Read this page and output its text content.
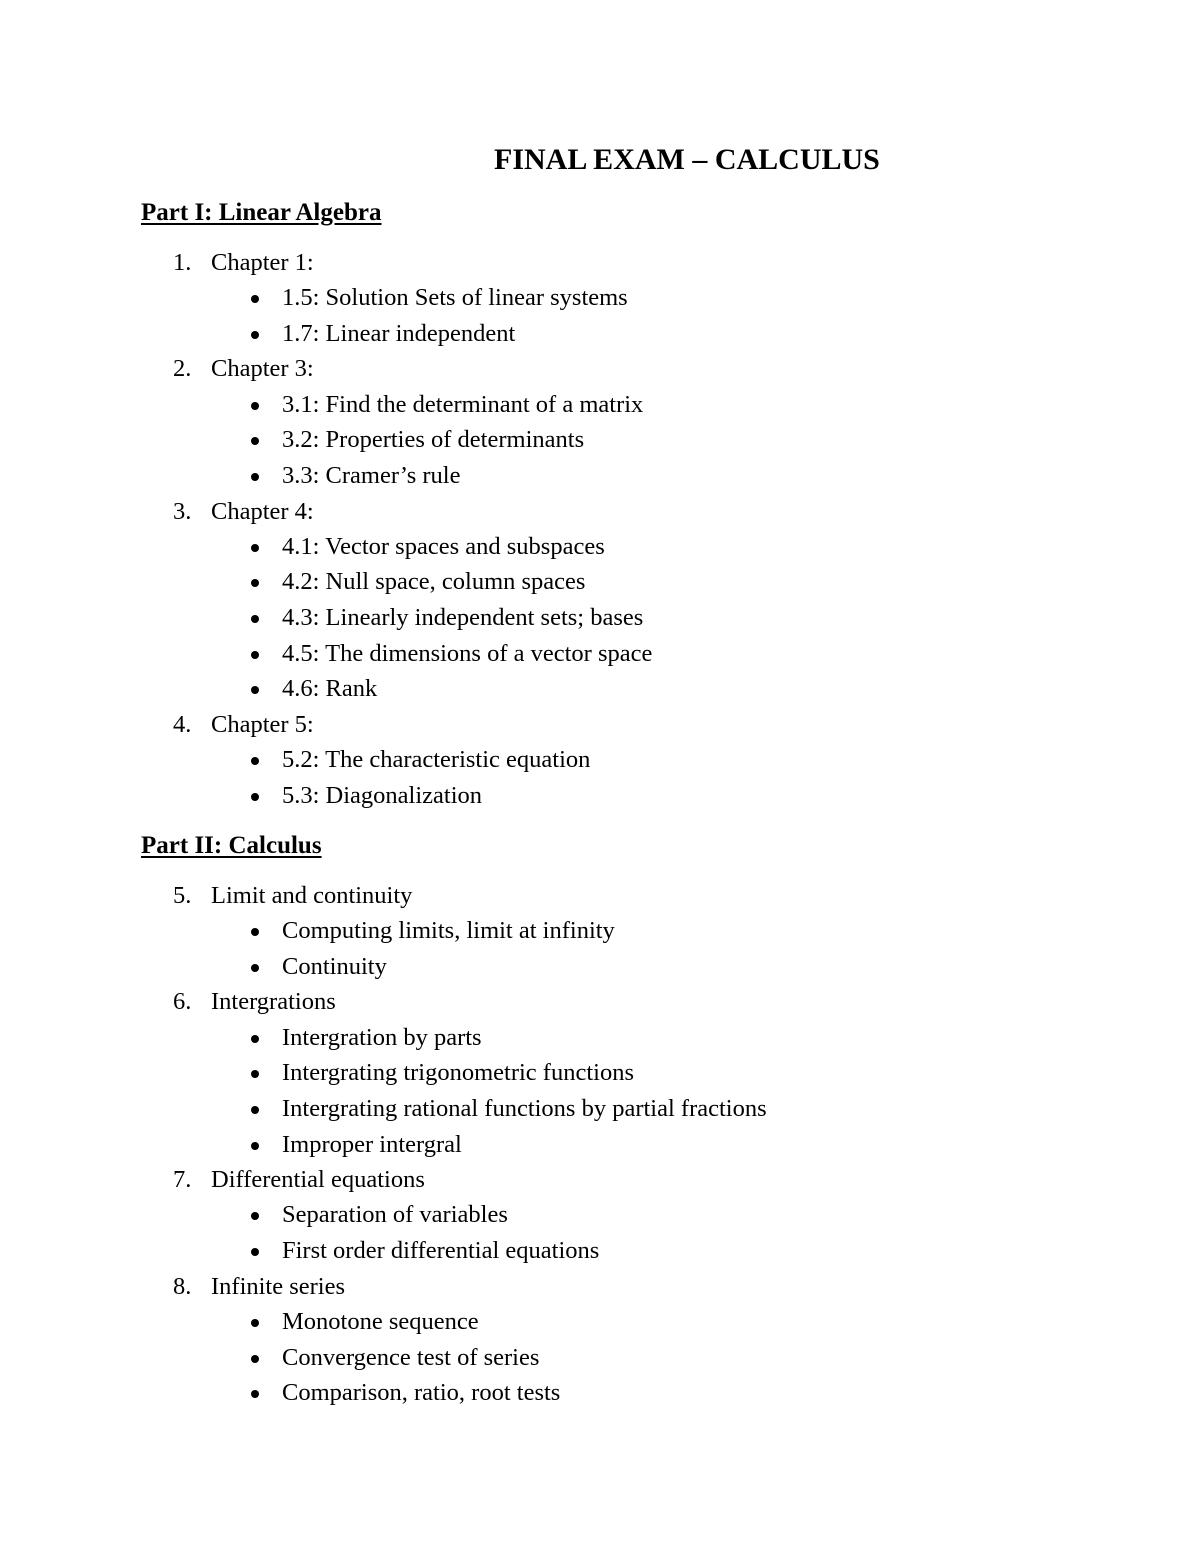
FINAL EXAM – CALCULUS
Part I: Linear Algebra
1. Chapter 1:
1.5: Solution Sets of linear systems
1.7: Linear independent
2. Chapter 3:
3.1: Find the determinant of a matrix
3.2: Properties of determinants
3.3: Cramer’s rule
3. Chapter 4:
4.1: Vector spaces and subspaces
4.2: Null space, column spaces
4.3: Linearly independent sets; bases
4.5: The dimensions of a vector space
4.6: Rank
4. Chapter 5:
5.2: The characteristic equation
5.3: Diagonalization
Part II: Calculus
5. Limit and continuity
Computing limits, limit at infinity
Continuity
6. Intergrations
Intergration by parts
Intergrating trigonometric functions
Intergrating rational functions by partial fractions
Improper intergral
7. Differential equations
Separation of variables
First order differential equations
8. Infinite series
Monotone sequence
Convergence test of series
Comparison, ratio, root tests
